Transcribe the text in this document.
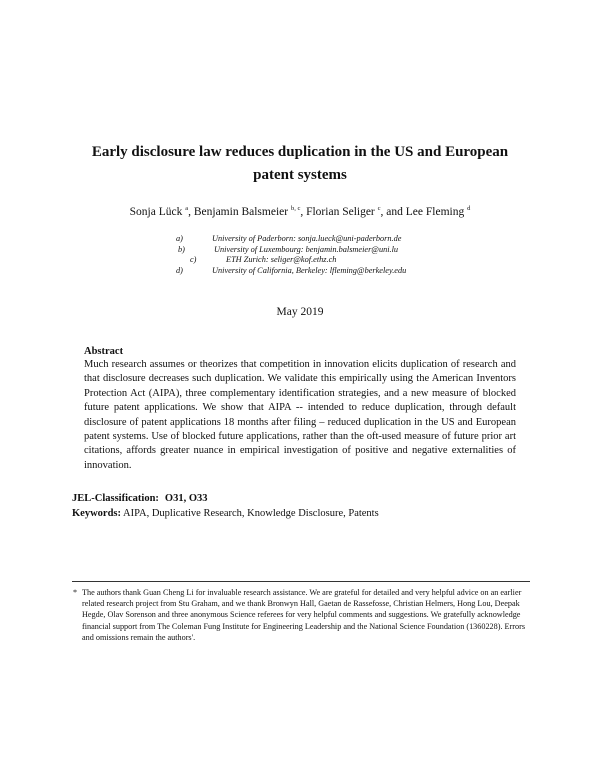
Early disclosure law reduces duplication in the US and European
patent systems
Sonja Lück $^a$, Benjamin Balsmeier $^{b, c}$, Florian Seliger $^c$, and Lee Fleming $^d$
a)	University of Paderborn: sonja.lueck@uni-paderborn.de
b)	University of Luxembourg: benjamin.balsmeier@uni.lu
c)	ETH Zurich: seliger@kof.ethz.ch
d)	University of California, Berkeley: lfleming@berkeley.edu
May 2019
Abstract
Much research assumes or theorizes that competition in innovation elicits duplication of research and that disclosure decreases such duplication. We validate this empirically using the American Inventors Protection Act (AIPA), three complementary identification strategies, and a new measure of blocked future patent applications. We show that AIPA -- intended to reduce duplication, through default disclosure of patent applications 18 months after filing – reduced duplication in the US and European patent systems. Use of blocked future applications, rather than the oft-used measure of future prior art citations, affords greater nuance in empirical investigation of positive and negative externalities of innovation.
JEL-Classification: O31, O33
Keywords: AIPA, Duplicative Research, Knowledge Disclosure, Patents
* The authors thank Guan Cheng Li for invaluable research assistance. We are grateful for detailed and very helpful advice on an earlier related research project from Stu Graham, and we thank Bronwyn Hall, Gaetan de Rassefosse, Christian Helmers, Hong Lou, Deepak Hegde, Olav Sorenson and three anonymous Science referees for very helpful comments and suggestions. We gratefully acknowledge financial support from The Coleman Fung Institute for Engineering Leadership and the National Science Foundation (1360228). Errors and omissions remain the authors'.
